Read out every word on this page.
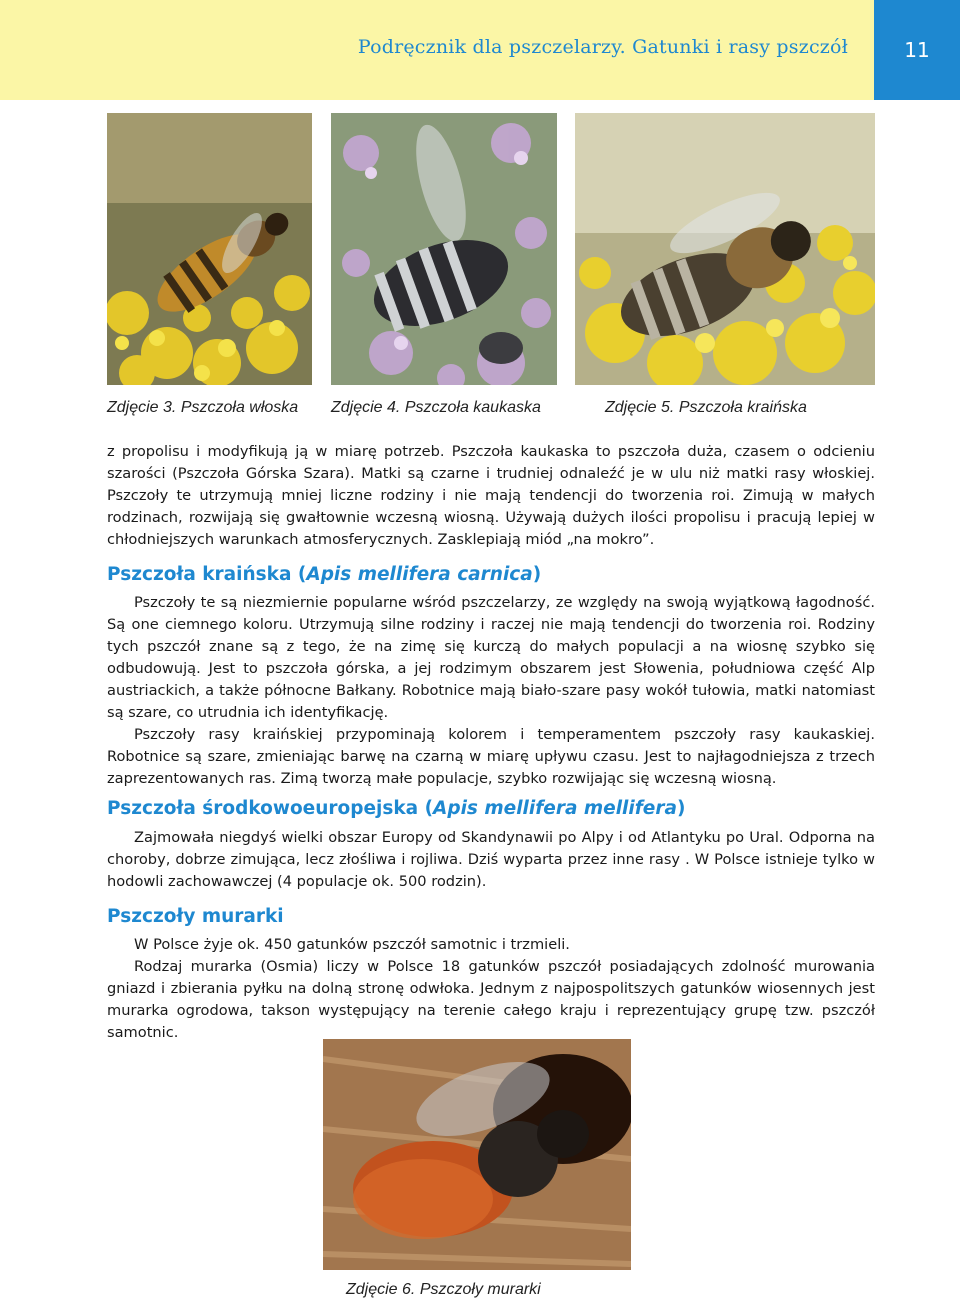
Podręcznik dla pszczelarzy. Gatunki i rasy pszczół	11
Zdjęcie 3. Pszczoła włoska Zdjęcie 4. Pszczoła kaukaska	Zdjęcie 5. Pszczoła kraińska

z propolisu i modyfikują ją w miarę potrzeb. Pszczoła kaukaska to pszczoła duża, czasem o odcieniu szarości (Pszczoła Górska Szara). Matki są czarne i trudniej odnaleźć je w ulu niż matki rasy włoskiej. Pszczoły te utrzymują mniej liczne rodziny i nie mają tendencji do tworzenia roi. Zimują w małych rodzinach, rozwijają się gwałtownie wczesną wiosną. Używają dużych ilości propolisu i pracują lepiej w chłodniejszych warunkach atmosferycznych. Zasklepiają miód „na mokro”.

Pszczoła kraińska (Apis mellifera carnica)

Pszczoły te są niezmiernie popularne wśród pszczelarzy, ze względy na swoją wyjątkową łagodność. Są one ciemnego koloru. Utrzymują silne rodziny i raczej nie mają tendencji do tworzenia roi. Rodziny tych pszczół znane są z tego, że na zimę się kurczą do małych populacji a na wiosnę szybko się odbudowują. Jest to pszczoła górska, a jej rodzimym obszarem jest Słowenia, południowa część Alp austriackich, a także północne Bałkany. Robotnice mają biało-szare pasy wokół tułowia, matki natomiast są szare, co utrudnia ich identyfikację.

Pszczoły rasy kraińskiej przypominają kolorem i temperamentem pszczoły rasy kaukaskiej. Robotnice są szare, zmieniając barwę na czarną w miarę upływu czasu. Jest to najłagodniejsza z trzech zaprezentowanych ras. Zimą tworzą małe populacje, szybko rozwijając się wczesną wiosną.

Pszczoła środkowoeuropejska (Apis mellifera mellifera)

Zajmowała niegdyś wielki obszar Europy od Skandynawii po Alpy i od Atlantyku po Ural. Odporna na choroby, dobrze zimująca, lecz złośliwa i rojliwa. Dziś wyparta przez inne rasy . W Polsce istnieje tylko w hodowli zachowawczej (4 populacje ok. 500 rodzin).

Pszczoły murarki

W Polsce żyje ok. 450 gatunków pszczół samotnic i trzmieli.

Rodzaj murarka (Osmia) liczy w Polsce 18 gatunków pszczół posiadających zdolność murowania gniazd i zbierania pyłku na dolną stronę odwłoka. Jednym z najpospolitszych gatunków wiosennych jest murarka ogrodowa, takson występujący na terenie całego kraju i reprezentujący grupę tzw. pszczół samotnic.

Zdjęcie 6. Pszczoły murarki
